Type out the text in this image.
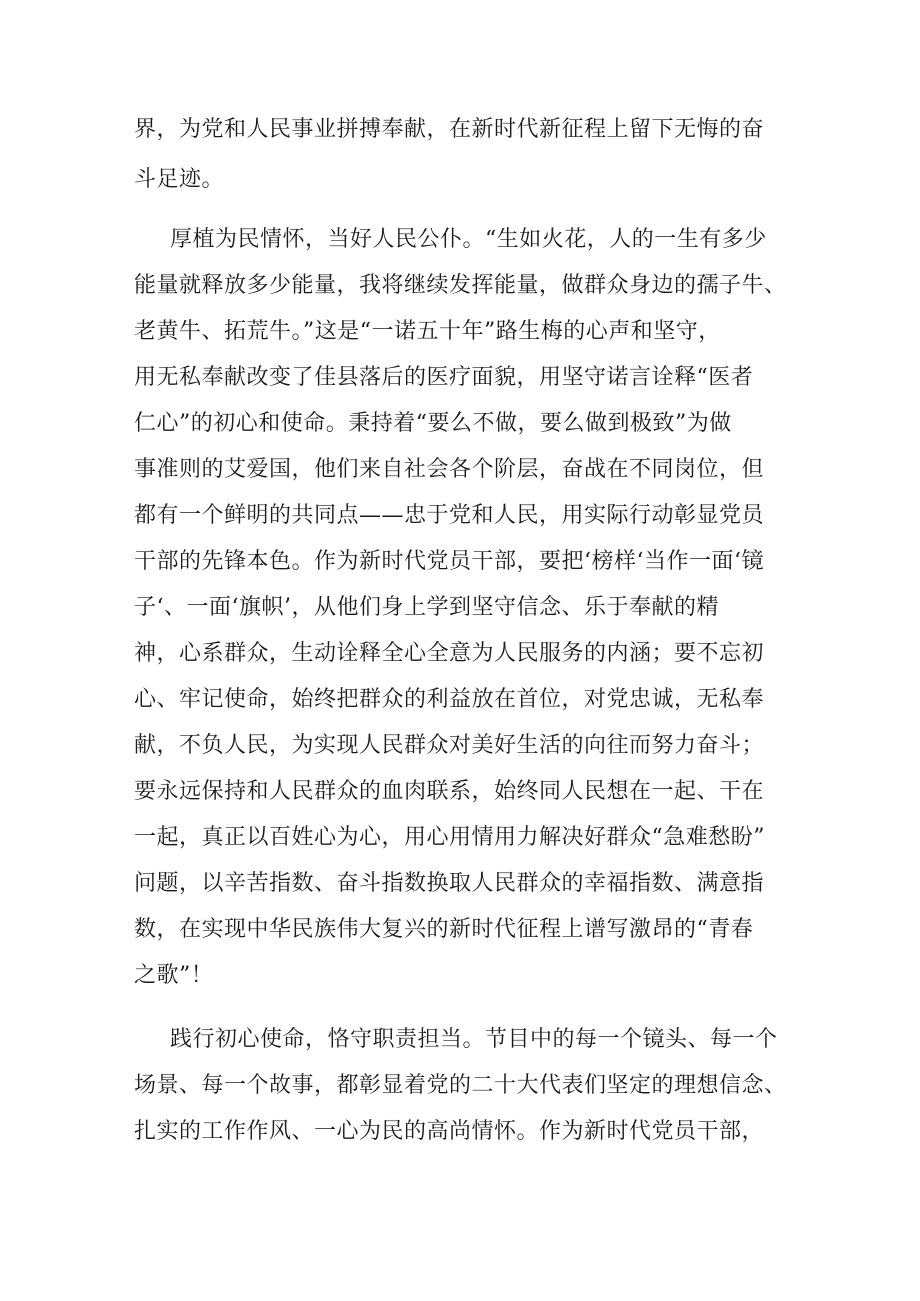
界，为党和人民事业拼搏奉献，在新时代新征程上留下无悔的奋
斗足迹。
厚植为民情怀，当好人民公仆。“生如火花，人的一生有多少
能量就释放多少能量，我将继续发挥能量，做群众身边的孺子牛、
老黄牛、拓荒牛。”这是“一诺五十年”路生梅的心声和坚守，
用无私奉献改变了佳县落后的医疗面貌，用坚守诺言诠释“医者
仁心”的初心和使命。秉持着“要么不做，要么做到极致”为做
事准则的艾爱国，他们来自社会各个阶层，奋战在不同岗位，但
都有一个鲜明的共同点——忠于党和人民，用实际行动彰显党员
干部的先锋本色。作为新时代党员干部，要把‘榜样‘当作一面‘镜
子‘、一面‘旗帜’，从他们身上学到坚守信念、乐于奉献的精
神，心系群众，生动诠释全心全意为人民服务的内涵；要不忘初
心、牢记使命，始终把群众的利益放在首位，对党忠诚，无私奉
献，不负人民，为实现人民群众对美好生活的向往而努力奋斗；
要永远保持和人民群众的血肉联系，始终同人民想在一起、干在
一起，真正以百姓心为心，用心用情用力解决好群众“急难愁盼”
问题，以辛苦指数、奋斗指数换取人民群众的幸福指数、满意指
数，在实现中华民族伟大复兴的新时代征程上谱写激昂的“青春
之歌”！
践行初心使命，恪守职责担当。节目中的每一个镜头、每一个
场景、每一个故事，都彰显着党的二十大代表们坚定的理想信念、
扎实的工作作风、一心为民的高尚情怀。作为新时代党员干部，
